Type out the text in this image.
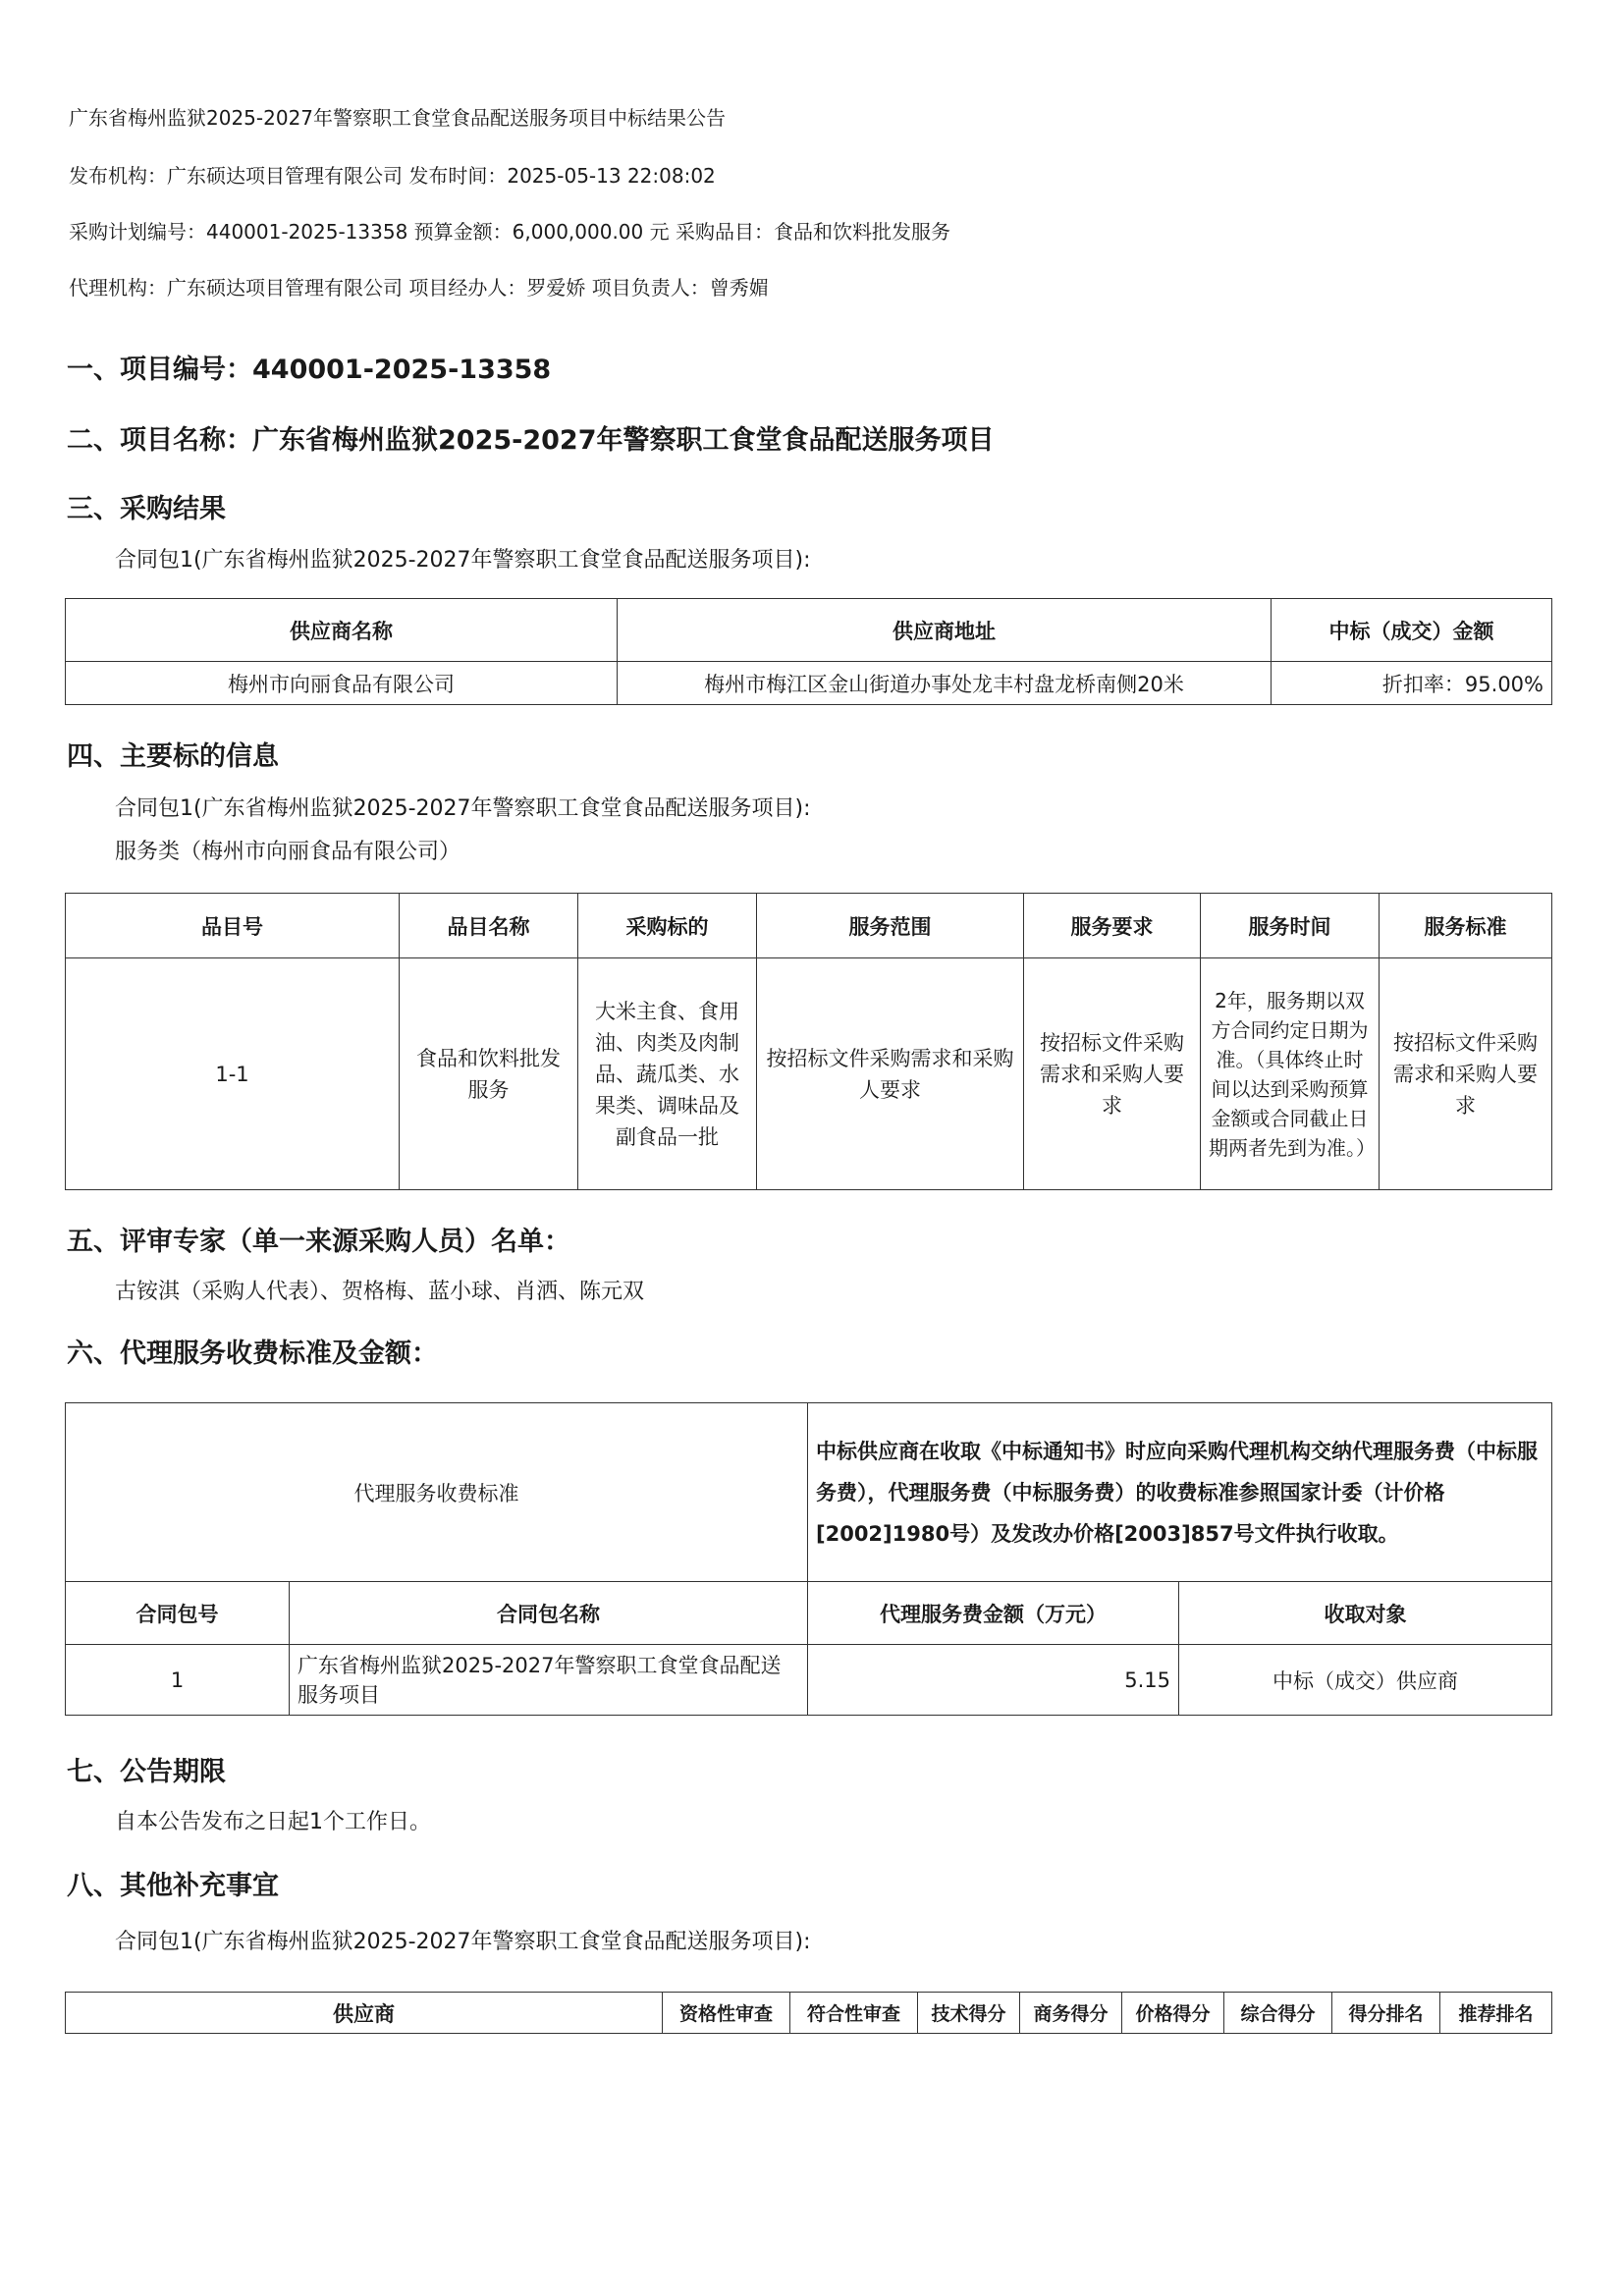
广东省梅州监狱2025-2027年警察职工食堂食品配送服务项目中标结果公告
发布机构：广东硕达项目管理有限公司 发布时间：2025-05-13 22:08:02
采购计划编号：440001-2025-13358 预算金额：6,000,000.00 元 采购品目：食品和饮料批发服务
代理机构：广东硕达项目管理有限公司 项目经办人：罗爱娇 项目负责人：曾秀媚
一、项目编号：440001-2025-13358
二、项目名称：广东省梅州监狱2025-2027年警察职工食堂食品配送服务项目
三、采购结果
合同包1(广东省梅州监狱2025-2027年警察职工食堂食品配送服务项目):
供应商名称	供应商地址	中标（成交）金额
梅州市向丽食品有限公司	梅州市梅江区金山街道办事处龙丰村盘龙桥南侧20米	折扣率：95.00%
四、主要标的信息
合同包1(广东省梅州监狱2025-2027年警察职工食堂食品配送服务项目):
服务类（梅州市向丽食品有限公司）
品目号	品目名称	采购标的	服务范围	服务要求	服务时间	服务标准
1-1	食品和饮料批发服务	大米主食、食用油、肉类及肉制品、蔬瓜类、水果类、调味品及副食品一批	按招标文件采购需求和采购人要求	按招标文件采购需求和采购人要求	2年，服务期以双方合同约定日期为准。（具体终止时间以达到采购预算金额或合同截止日期两者先到为准。）	按招标文件采购需求和采购人要求
五、评审专家（单一来源采购人员）名单：
古铵淇（采购人代表）、贺格梅、蓝小球、肖洒、陈元双
六、代理服务收费标准及金额：
代理服务收费标准		中标供应商在收取《中标通知书》时应向采购代理机构交纳代理服务费（中标服务费），代理服务费（中标服务费）的收费标准参照国家计委（计价格[2002]1980号）及发改办价格[2003]857号文件执行收取。	
合同包号	合同包名称	代理服务费金额（万元）	收取对象
1	广东省梅州监狱2025-2027年警察职工食堂食品配送服务项目	5.15	中标（成交）供应商
七、公告期限
自本公告发布之日起1个工作日。
八、其他补充事宜
合同包1(广东省梅州监狱2025-2027年警察职工食堂食品配送服务项目):
供应商	资格性审查	符合性审查	技术得分	商务得分	价格得分	综合得分	得分排名	推荐排名
